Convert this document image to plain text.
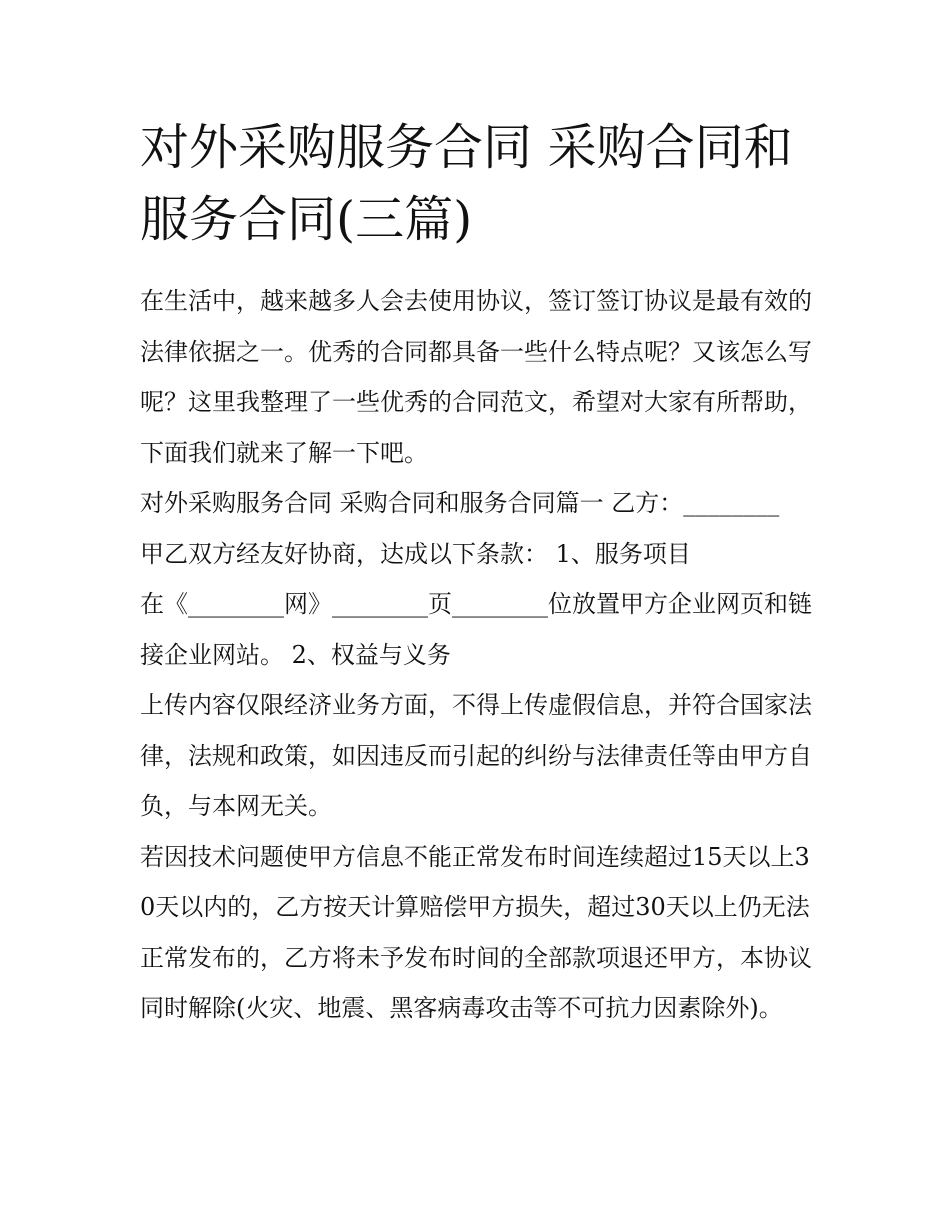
对外采购服务合同 采购合同和服务合同(三篇)

在生活中，越来越多人会去使用协议，签订签订协议是最有效的法律依据之一。优秀的合同都具备一些什么特点呢？又该怎么写呢？这里我整理了一些优秀的合同范文，希望对大家有所帮助，下面我们就来了解一下吧。

对外采购服务合同 采购合同和服务合同篇一 乙方：________

甲乙双方经友好协商，达成以下条款： 1、服务项目

在《________网》________页________位放置甲方企业网页和链接企业网站。 2、权益与义务

上传内容仅限经济业务方面，不得上传虚假信息，并符合国家法律，法规和政策，如因违反而引起的纠纷与法律责任等由甲方自负，与本网无关。

若因技术问题使甲方信息不能正常发布时间连续超过15天以上30天以内的，乙方按天计算赔偿甲方损失，超过30天以上仍无法正常发布的，乙方将未予发布时间的全部款项退还甲方，本协议同时解除(火灾、地震、黑客病毒攻击等不可抗力因素除外)。
